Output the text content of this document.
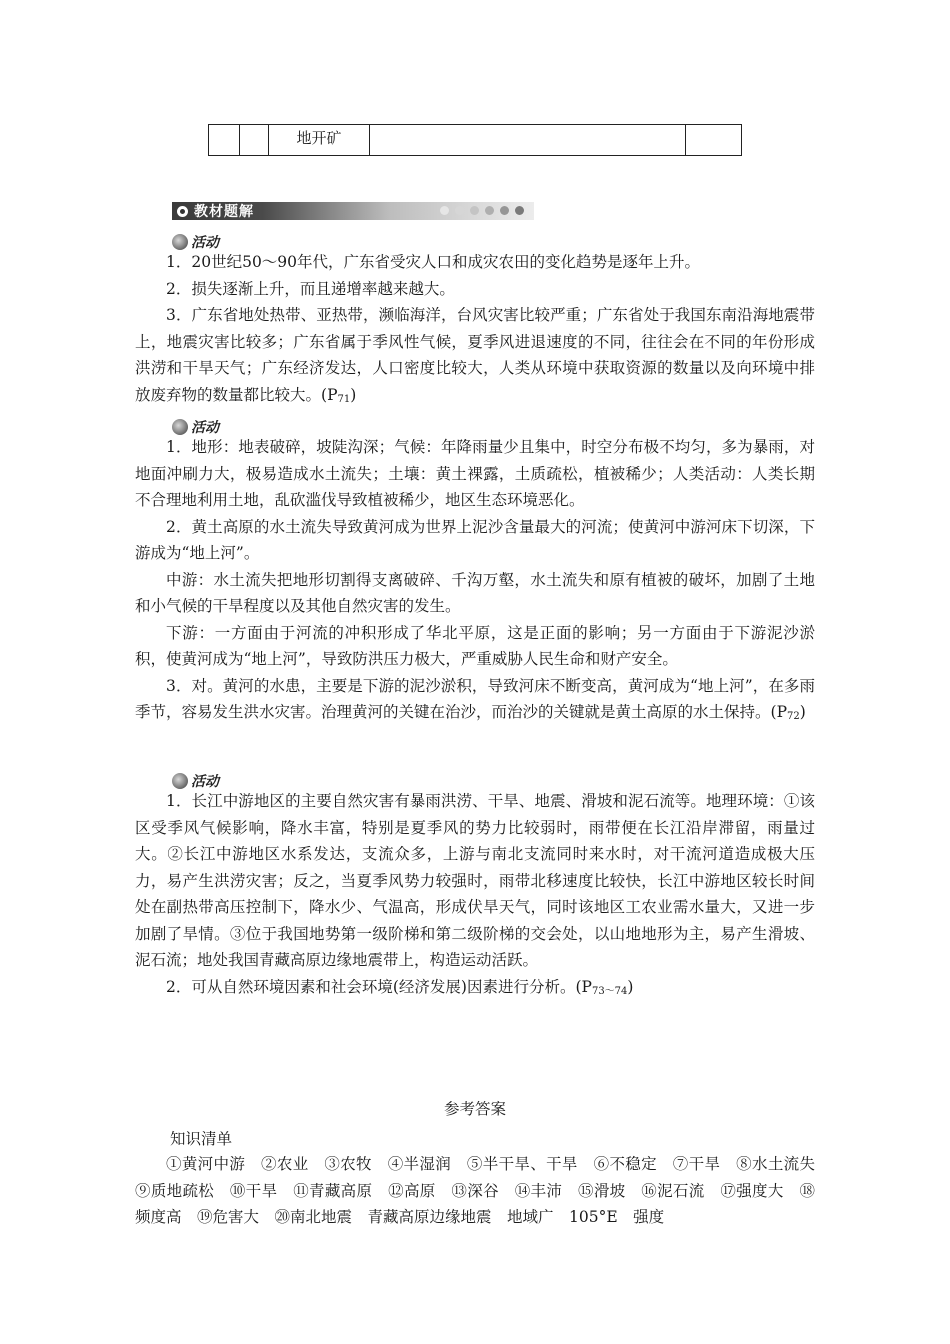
		地开矿		
教材题解
活动

1．20世纪50～90年代，广东省受灾人口和成灾农田的变化趋势是逐年上升。

2．损失逐渐上升，而且递增率越来越大。

3．广东省地处热带、亚热带，濒临海洋，台风灾害比较严重；广东省处于我国东南沿海地震带上，地震灾害比较多；广东省属于季风性气候，夏季风进退速度的不同，往往会在不同的年份形成洪涝和干旱天气；广东经济发达，人口密度比较大，人类从环境中获取资源的数量以及向环境中排放废弃物的数量都比较大。$(P_{71})$

活动

1．地形：地表破碎，坡陡沟深；气候：年降雨量少且集中，时空分布极不均匀，多为暴雨，对地面冲刷力大，极易造成水土流失；土壤：黄土裸露，土质疏松，植被稀少；人类活动：人类长期不合理地利用土地，乱砍滥伐导致植被稀少，地区生态环境恶化。

2．黄土高原的水土流失导致黄河成为世界上泥沙含量最大的河流；使黄河中游河床下切深，下游成为“地上河”。

中游：水土流失把地形切割得支离破碎、千沟万壑，水土流失和原有植被的破坏，加剧了土地和小气候的干旱程度以及其他自然灾害的发生。

下游：一方面由于河流的冲积形成了华北平原，这是正面的影响；另一方面由于下游泥沙淤积，使黄河成为“地上河”，导致防洪压力极大，严重威胁人民生命和财产安全。

3．对。黄河的水患，主要是下游的泥沙淤积，导致河床不断变高，黄河成为“地上河”，在多雨季节，容易发生洪水灾害。治理黄河的关键在治沙，而治沙的关键就是黄土高原的水土保持。$(P_{72})$

活动

1．长江中游地区的主要自然灾害有暴雨洪涝、干旱、地震、滑坡和泥石流等。地理环境：①该区受季风气候影响，降水丰富，特别是夏季风的势力比较弱时，雨带便在长江沿岸滞留，雨量过大。②长江中游地区水系发达，支流众多，上游与南北支流同时来水时，对干流河道造成极大压力，易产生洪涝灾害；反之，当夏季风势力较强时，雨带北移速度比较快，长江中游地区较长时间处在副热带高压控制下，降水少、气温高，形成伏旱天气，同时该地区工农业需水量大，又进一步加剧了旱情。③位于我国地势第一级阶梯和第二级阶梯的交会处，以山地地形为主，易产生滑坡、泥石流；地处我国青藏高原边缘地震带上，构造运动活跃。

2．可从自然环境因素和社会环境(经济发展)因素进行分析。$(P_{73\sim 74})$

参考答案
知识清单
①黄河中游　②农业　③农牧　④半湿润　⑤半干旱、干旱　⑥不稳定　⑦干旱　⑧水土流失　⑨质地疏松　⑩干旱　⑪青藏高原　⑫高原　⑬深谷　⑭丰沛　⑮滑坡　⑯泥石流　⑰强度大　⑱频度高　⑲危害大　⑳南北地震　青藏高原边缘地震　地域广　105°E　强度
